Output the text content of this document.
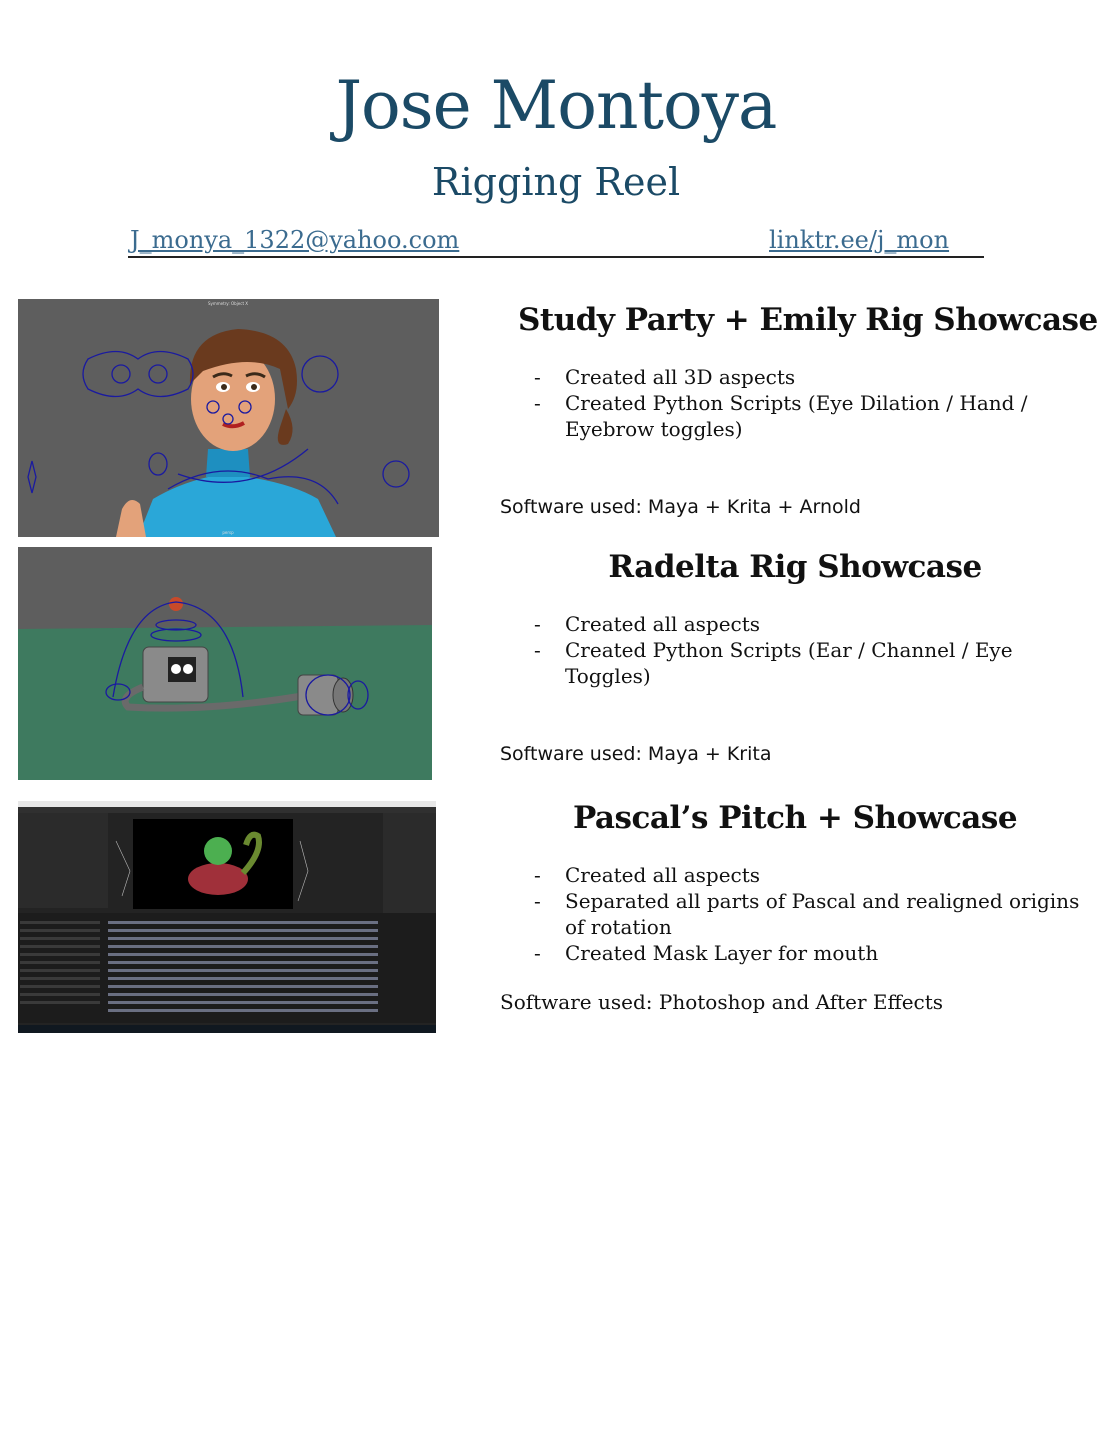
Jose Montoya
Rigging Reel
J_monya_1322@yahoo.com	linktr.ee/j_mon
Symmetry: Object X
persp
Study Party + Emily Rig Showcase
- Created all 3D aspects
- Created Python Scripts (Eye Dilation / Hand / Eyebrow toggles)
Software used: Maya + Krita + Arnold
Radelta Rig Showcase
- Created all aspects
- Created Python Scripts (Ear / Channel / Eye Toggles)
Software used: Maya + Krita
Pascal’s Pitch + Showcase
- Created all aspects
- Separated all parts of Pascal and realigned origins of rotation
- Created Mask Layer for mouth
Software used: Photoshop and After Effects
